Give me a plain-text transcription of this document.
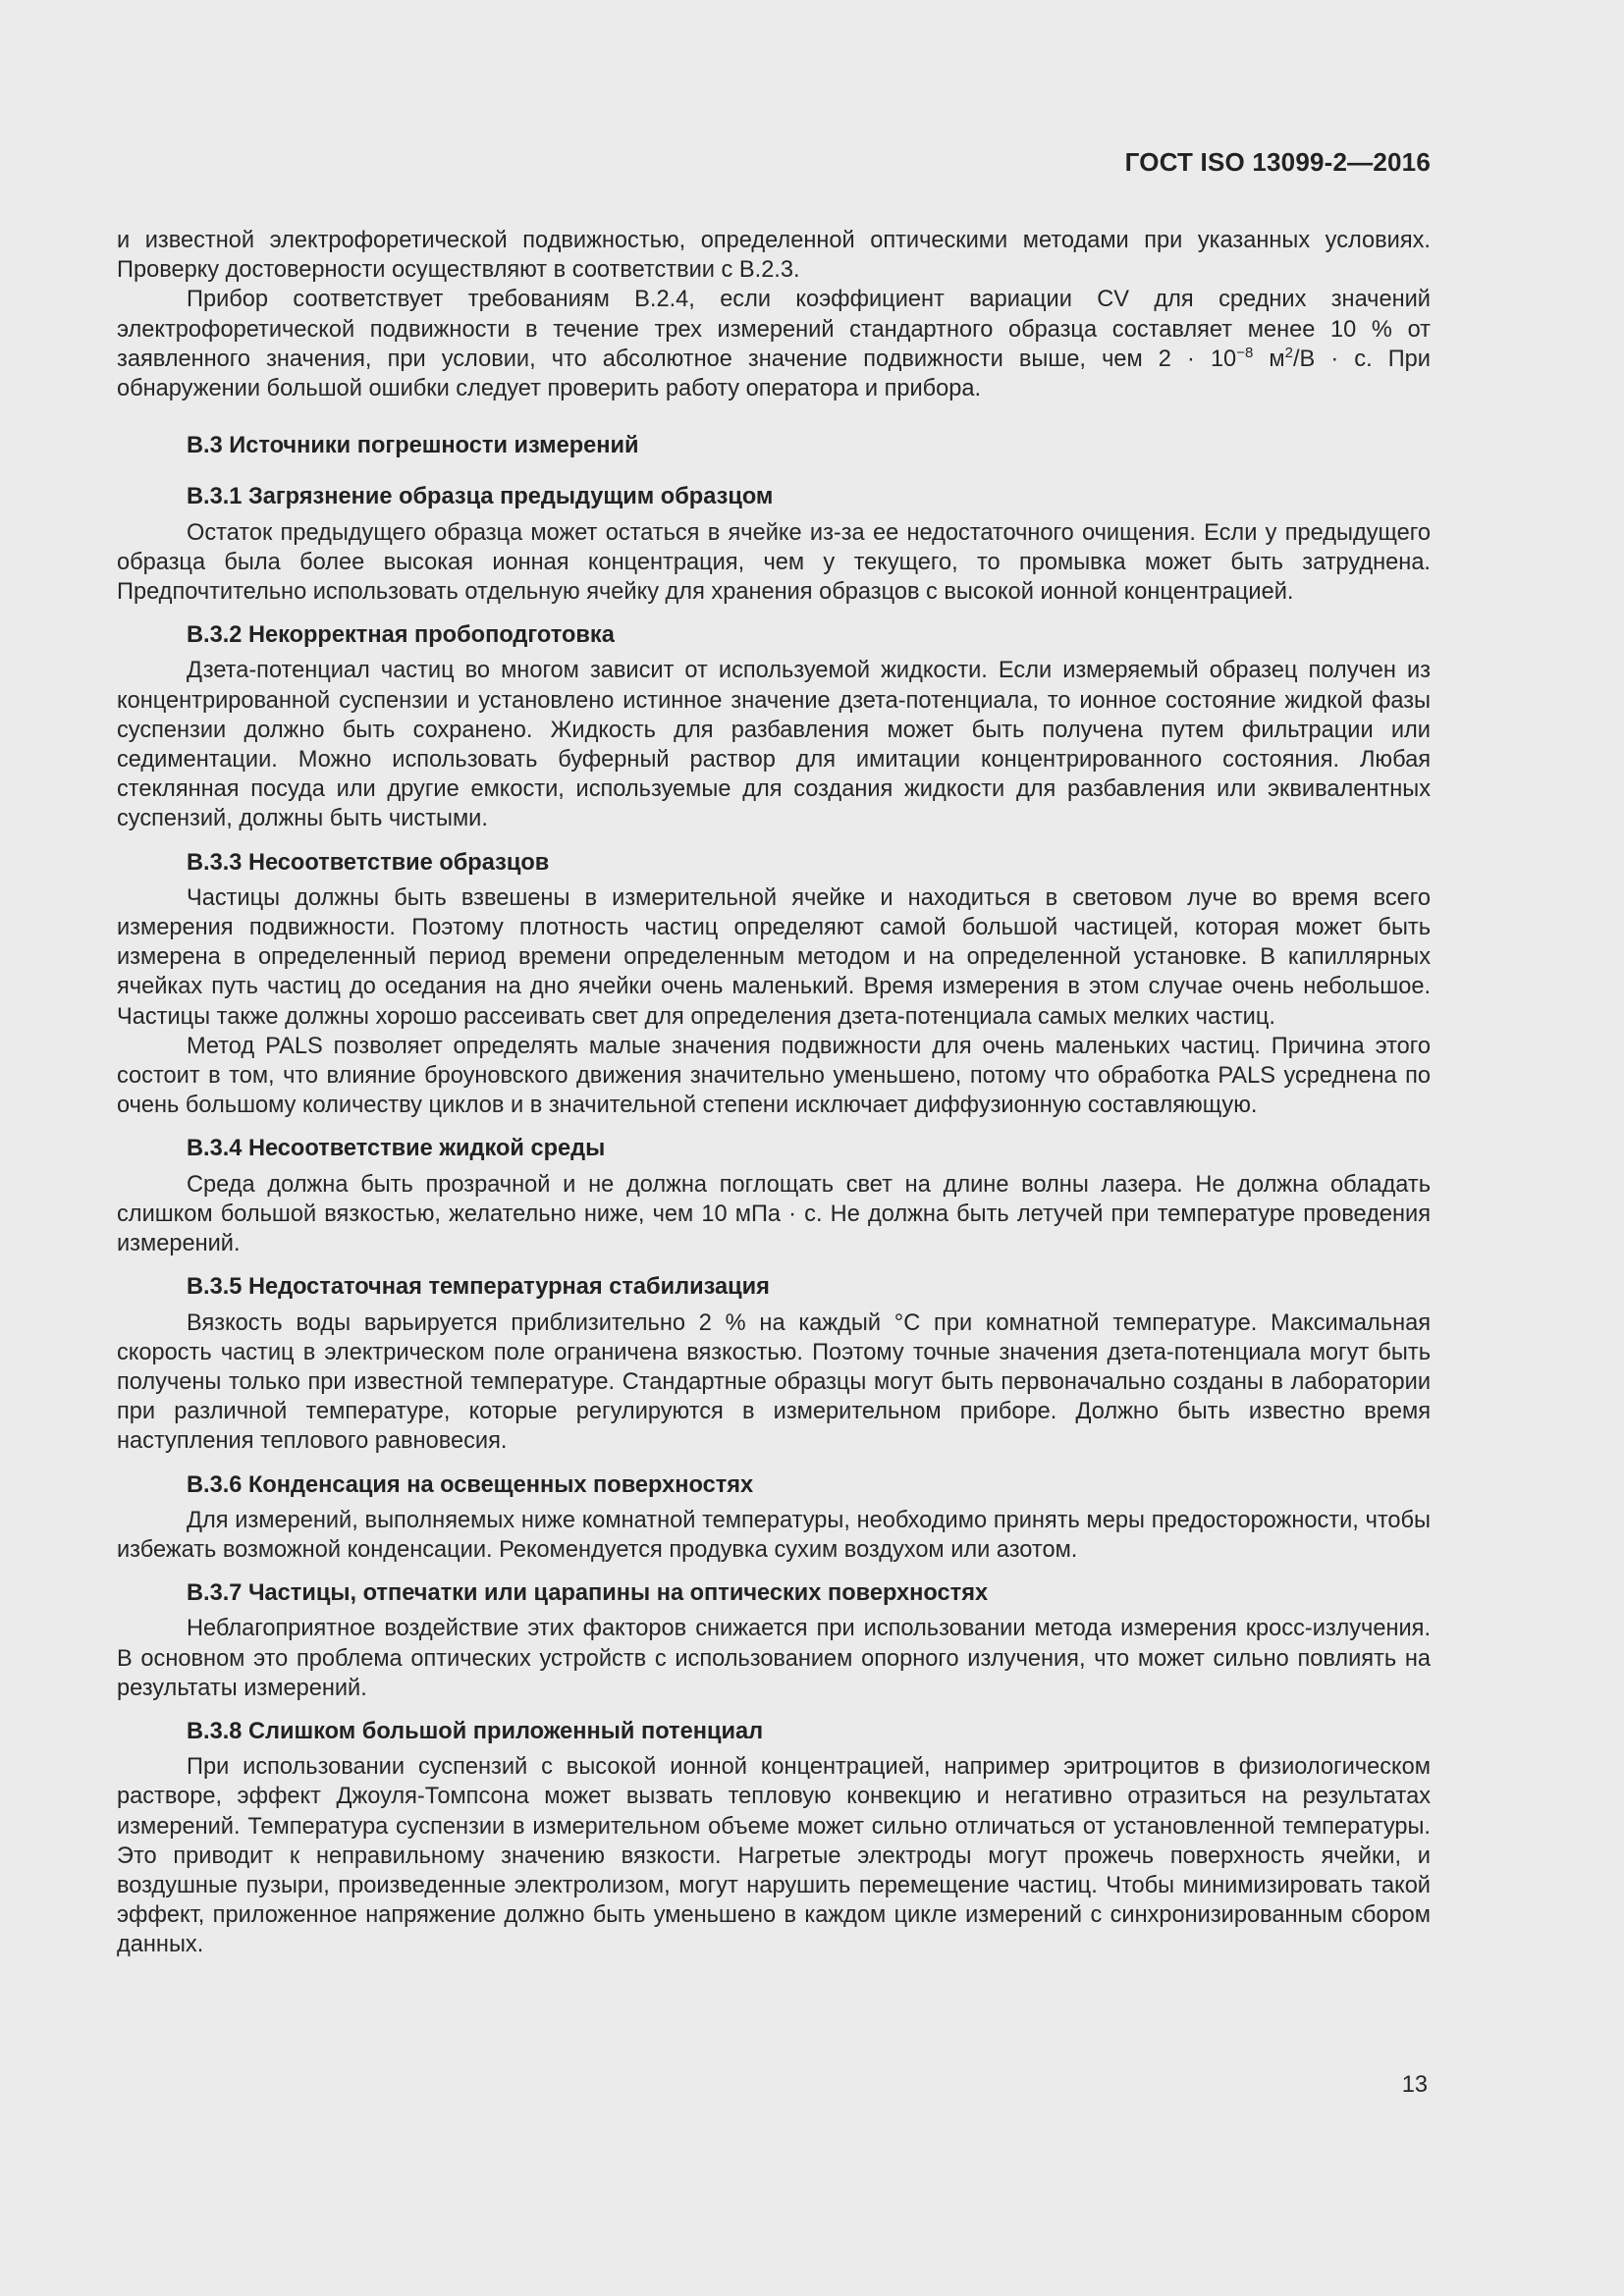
ГОСТ ISO 13099-2—2016

и известной электрофоретической подвижностью, определенной оптическими методами при указанных условиях. Проверку достоверности осуществляют в соответствии с В.2.3.

Прибор соответствует требованиям В.2.4, если коэффициент вариации CV для средних значений электрофоретической подвижности в течение трех измерений стандартного образца составляет менее 10 % от заявленного значения, при условии, что абсолютное значение подвижности выше, чем $2 \cdot 10^{-8}$ $м^2/В \cdot с$. При обнаружении большой ошибки следует проверить работу оператора и прибора.

В.3 Источники погрешности измерений
В.3.1 Загрязнение образца предыдущим образцом

Остаток предыдущего образца может остаться в ячейке из-за ее недостаточного очищения. Если у предыдущего образца была более высокая ионная концентрация, чем у текущего, то промывка может быть затруднена. Предпочтительно использовать отдельную ячейку для хранения образцов с высокой ионной концентрацией.

В.3.2 Некорректная пробоподготовка

Дзета-потенциал частиц во многом зависит от используемой жидкости. Если измеряемый образец получен из концентрированной суспензии и установлено истинное значение дзета-потенциала, то ионное состояние жидкой фазы суспензии должно быть сохранено. Жидкость для разбавления может быть получена путем фильтрации или седиментации. Можно использовать буферный раствор для имитации концентрированного состояния. Любая стеклянная посуда или другие емкости, используемые для создания жидкости для разбавления или эквивалентных суспензий, должны быть чистыми.

В.3.3 Несоответствие образцов

Частицы должны быть взвешены в измерительной ячейке и находиться в световом луче во время всего измерения подвижности. Поэтому плотность частиц определяют самой большой частицей, которая может быть измерена в определенный период времени определенным методом и на определенной установке. В капиллярных ячейках путь частиц до оседания на дно ячейки очень маленький. Время измерения в этом случае очень небольшое. Частицы также должны хорошо рассеивать свет для определения дзета-потенциала самых мелких частиц.

Метод PALS позволяет определять малые значения подвижности для очень маленьких частиц. Причина этого состоит в том, что влияние броуновского движения значительно уменьшено, потому что обработка PALS усреднена по очень большому количеству циклов и в значительной степени исключает диффузионную составляющую.

В.3.4 Несоответствие жидкой среды

Среда должна быть прозрачной и не должна поглощать свет на длине волны лазера. Не должна обладать слишком большой вязкостью, желательно ниже, чем 10 мПа · с. Не должна быть летучей при температуре проведения измерений.

В.3.5 Недостаточная температурная стабилизация

Вязкость воды варьируется приблизительно 2 % на каждый °С при комнатной температуре. Максимальная скорость частиц в электрическом поле ограничена вязкостью. Поэтому точные значения дзета-потенциала могут быть получены только при известной температуре. Стандартные образцы могут быть первоначально созданы в лаборатории при различной температуре, которые регулируются в измерительном приборе. Должно быть известно время наступления теплового равновесия.

В.3.6 Конденсация на освещенных поверхностях

Для измерений, выполняемых ниже комнатной температуры, необходимо принять меры предосторожности, чтобы избежать возможной конденсации. Рекомендуется продувка сухим воздухом или азотом.

В.3.7 Частицы, отпечатки или царапины на оптических поверхностях

Неблагоприятное воздействие этих факторов снижается при использовании метода измерения кросс-излучения. В основном это проблема оптических устройств с использованием опорного излучения, что может сильно повлиять на результаты измерений.

В.3.8 Слишком большой приложенный потенциал

При использовании суспензий с высокой ионной концентрацией, например эритроцитов в физиологическом растворе, эффект Джоуля-Томпсона может вызвать тепловую конвекцию и негативно отразиться на результатах измерений. Температура суспензии в измерительном объеме может сильно отличаться от установленной температуры. Это приводит к неправильному значению вязкости. Нагретые электроды могут прожечь поверхность ячейки, и воздушные пузыри, произведенные электролизом, могут нарушить перемещение частиц. Чтобы минимизировать такой эффект, приложенное напряжение должно быть уменьшено в каждом цикле измерений с синхронизированным сбором данных.

13
